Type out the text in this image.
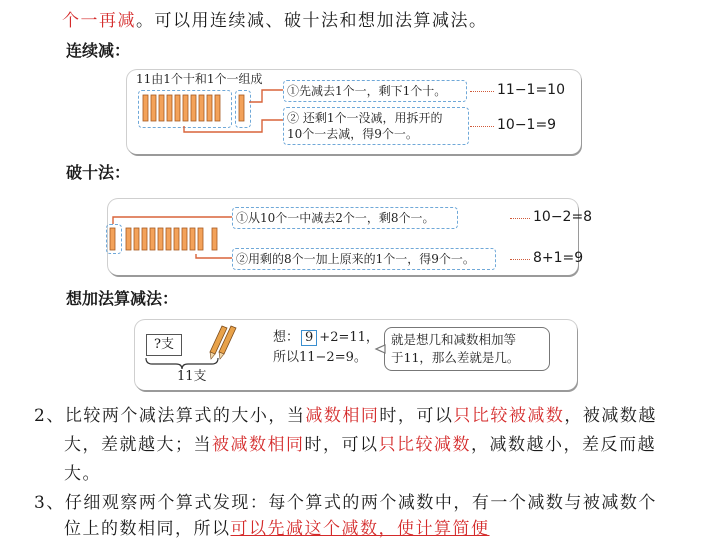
个一再减。可以用连续减、破十法和想加法算减法。
连续减：
11由1个十和1个一组成
①先减去1个一，剩下1个十。	11−1=10
② 还剩1个一没减，用拆开的
10个一去减，得9个一。
10−1=9
破十法：
①从10个一中减去2个一，剩8个一。	10−2=8
②用剩的8个一加上原来的1个一，得9个一。	8+1=9
想加法算减法：
?支
11支
想： 9 +2=11，
所以11−2=9。
就是想几和减数相加等
于11，那么差就是几。
2、比较两个减法算式的大小，当减数相同时，可以只比较被减数，被减数越
大，差就越大；当被减数相同时，可以只比较减数，减数越小，差反而越
大。
3、仔细观察两个算式发现：每个算式的两个减数中，有一个减数与被减数个
位上的数相同，所以可以先减这个减数，使计算简便
